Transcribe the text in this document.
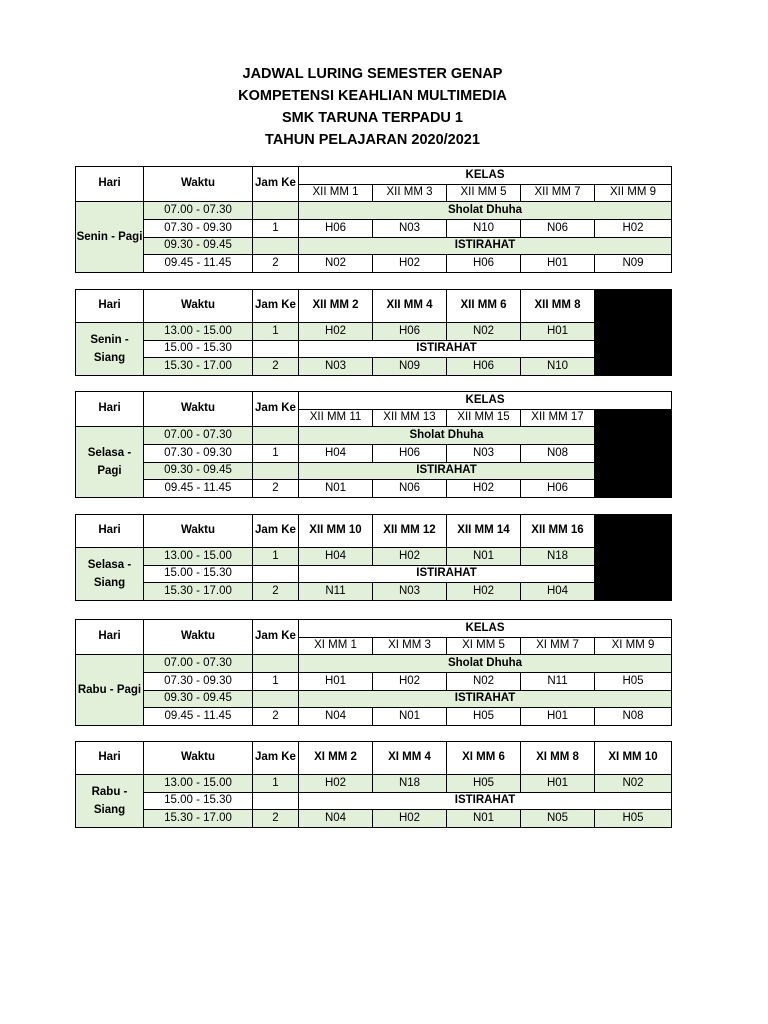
JADWAL LURING SEMESTER GENAP
KOMPETENSI KEAHLIAN MULTIMEDIA
SMK TARUNA TERPADU 1
TAHUN PELAJARAN 2020/2021
Hari	Waktu	Jam Ke	KELAS				
			XII MM 1	XII MM 3	XII MM 5	XII MM 7	XII MM 9
Senin - Pagi	07.00 - 07.30		Sholat Dhuha				
	07.30 - 09.30	1	H06	N03	N10	N06	H02
	09.30 - 09.45		ISTIRAHAT				
	09.45 - 11.45	2	N02	H02	H06	H01	N09
Hari	Waktu	Jam Ke	XII MM 2	XII MM 4	XII MM 6	XII MM 8	
Senin - Siang	13.00 - 15.00	1	H02	H06	N02	H01	
	15.00 - 15.30		ISTIRAHAT				
	15.30 - 17.00	2	N03	N09	H06	N10	
Hari	Waktu	Jam Ke	KELAS				
			XII MM 11	XII MM 13	XII MM 15	XII MM 17	
Selasa - Pagi	07.00 - 07.30		Sholat Dhuha				
	07.30 - 09.30	1	H04	H06	N03	N08	
	09.30 - 09.45		ISTIRAHAT				
	09.45 - 11.45	2	N01	N06	H02	H06	
Hari	Waktu	Jam Ke	XII MM 10	XII MM 12	XII MM 14	XII MM 16	
Selasa - Siang	13.00 - 15.00	1	H04	H02	N01	N18	
	15.00 - 15.30		ISTIRAHAT				
	15.30 - 17.00	2	N11	N03	H02	H04	
Hari	Waktu	Jam Ke	KELAS				
			XI MM 1	XI MM 3	XI MM 5	XI MM 7	XI MM 9
Rabu - Pagi	07.00 - 07.30		Sholat Dhuha				
	07.30 - 09.30	1	H01	H02	N02	N11	H05
	09.30 - 09.45		ISTIRAHAT				
	09.45 - 11.45	2	N04	N01	H05	H01	N08
Hari	Waktu	Jam Ke	XI MM 2	XI MM 4	XI MM 6	XI MM 8	XI MM 10
Rabu - Siang	13.00 - 15.00	1	H02	N18	H05	H01	N02
	15.00 - 15.30		ISTIRAHAT				
	15.30 - 17.00	2	N04	H02	N01	N05	H05
